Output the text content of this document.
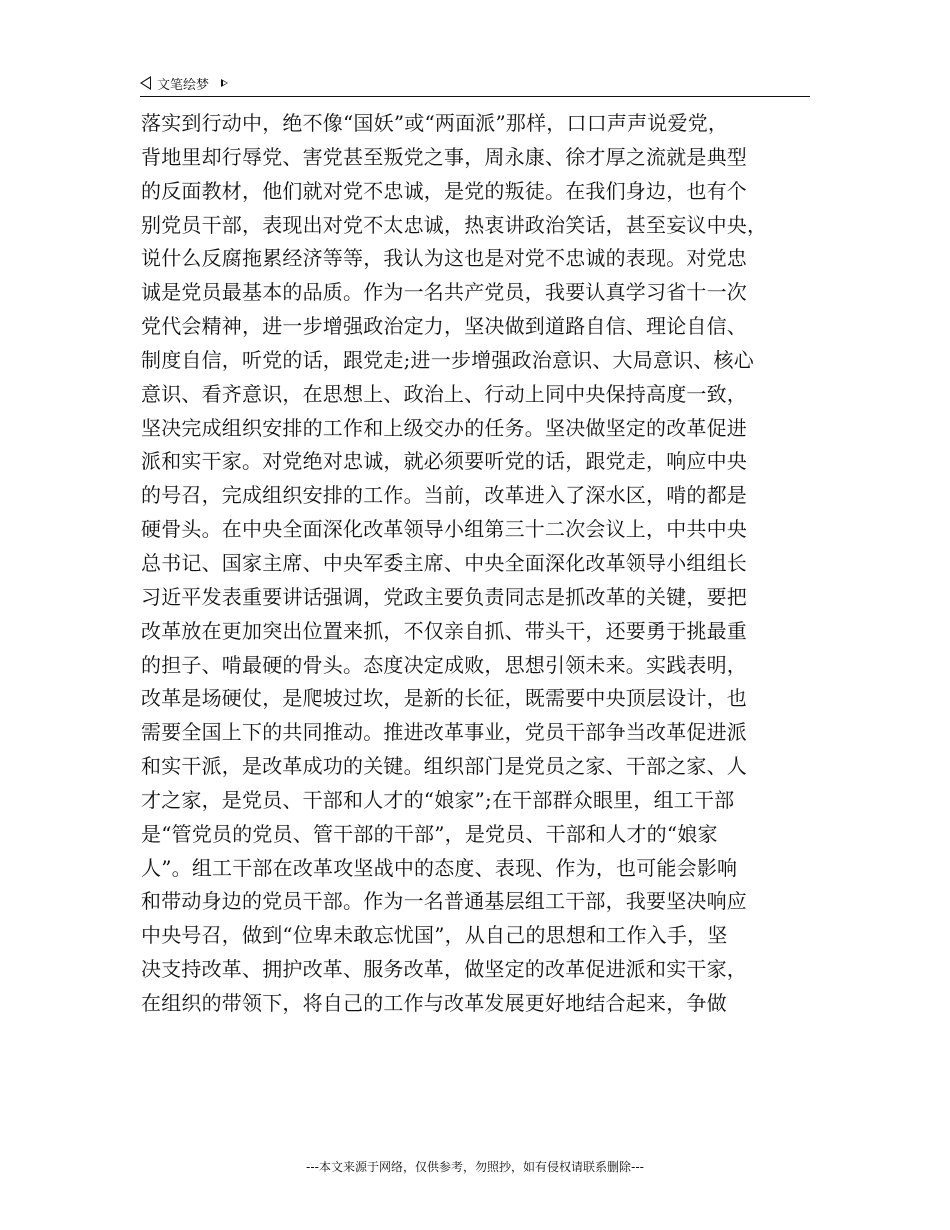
文笔绘梦
落实到行动中，绝不像“国妖”或“两面派”那样，口口声声说爱党，
背地里却行辱党、害党甚至叛党之事，周永康、徐才厚之流就是典型
的反面教材，他们就对党不忠诚，是党的叛徒。在我们身边，也有个
别党员干部，表现出对党不太忠诚，热衷讲政治笑话，甚至妄议中央，
说什么反腐拖累经济等等，我认为这也是对党不忠诚的表现。对党忠
诚是党员最基本的品质。作为一名共产党员，我要认真学习省十一次
党代会精神，进一步增强政治定力，坚决做到道路自信、理论自信、
制度自信，听党的话，跟党走;进一步增强政治意识、大局意识、核心
意识、看齐意识，在思想上、政治上、行动上同中央保持高度一致，
坚决完成组织安排的工作和上级交办的任务。坚决做坚定的改革促进
派和实干家。对党绝对忠诚，就必须要听党的话，跟党走，响应中央
的号召，完成组织安排的工作。当前，改革进入了深水区，啃的都是
硬骨头。在中央全面深化改革领导小组第三十二次会议上，中共中央
总书记、国家主席、中央军委主席、中央全面深化改革领导小组组长
习近平发表重要讲话强调，党政主要负责同志是抓改革的关键，要把
改革放在更加突出位置来抓，不仅亲自抓、带头干，还要勇于挑最重
的担子、啃最硬的骨头。态度决定成败，思想引领未来。实践表明，
改革是场硬仗，是爬坡过坎，是新的长征，既需要中央顶层设计，也
需要全国上下的共同推动。推进改革事业，党员干部争当改革促进派
和实干派，是改革成功的关键。组织部门是党员之家、干部之家、人
才之家，是党员、干部和人才的“娘家”;在干部群众眼里，组工干部
是“管党员的党员、管干部的干部”，是党员、干部和人才的“娘家
人”。组工干部在改革攻坚战中的态度、表现、作为，也可能会影响
和带动身边的党员干部。作为一名普通基层组工干部，我要坚决响应
中央号召，做到“位卑未敢忘忧国”，从自己的思想和工作入手，坚
决支持改革、拥护改革、服务改革，做坚定的改革促进派和实干家，
在组织的带领下，将自己的工作与改革发展更好地结合起来，争做
---本文来源于网络，仅供参考，勿照抄，如有侵权请联系删除---
